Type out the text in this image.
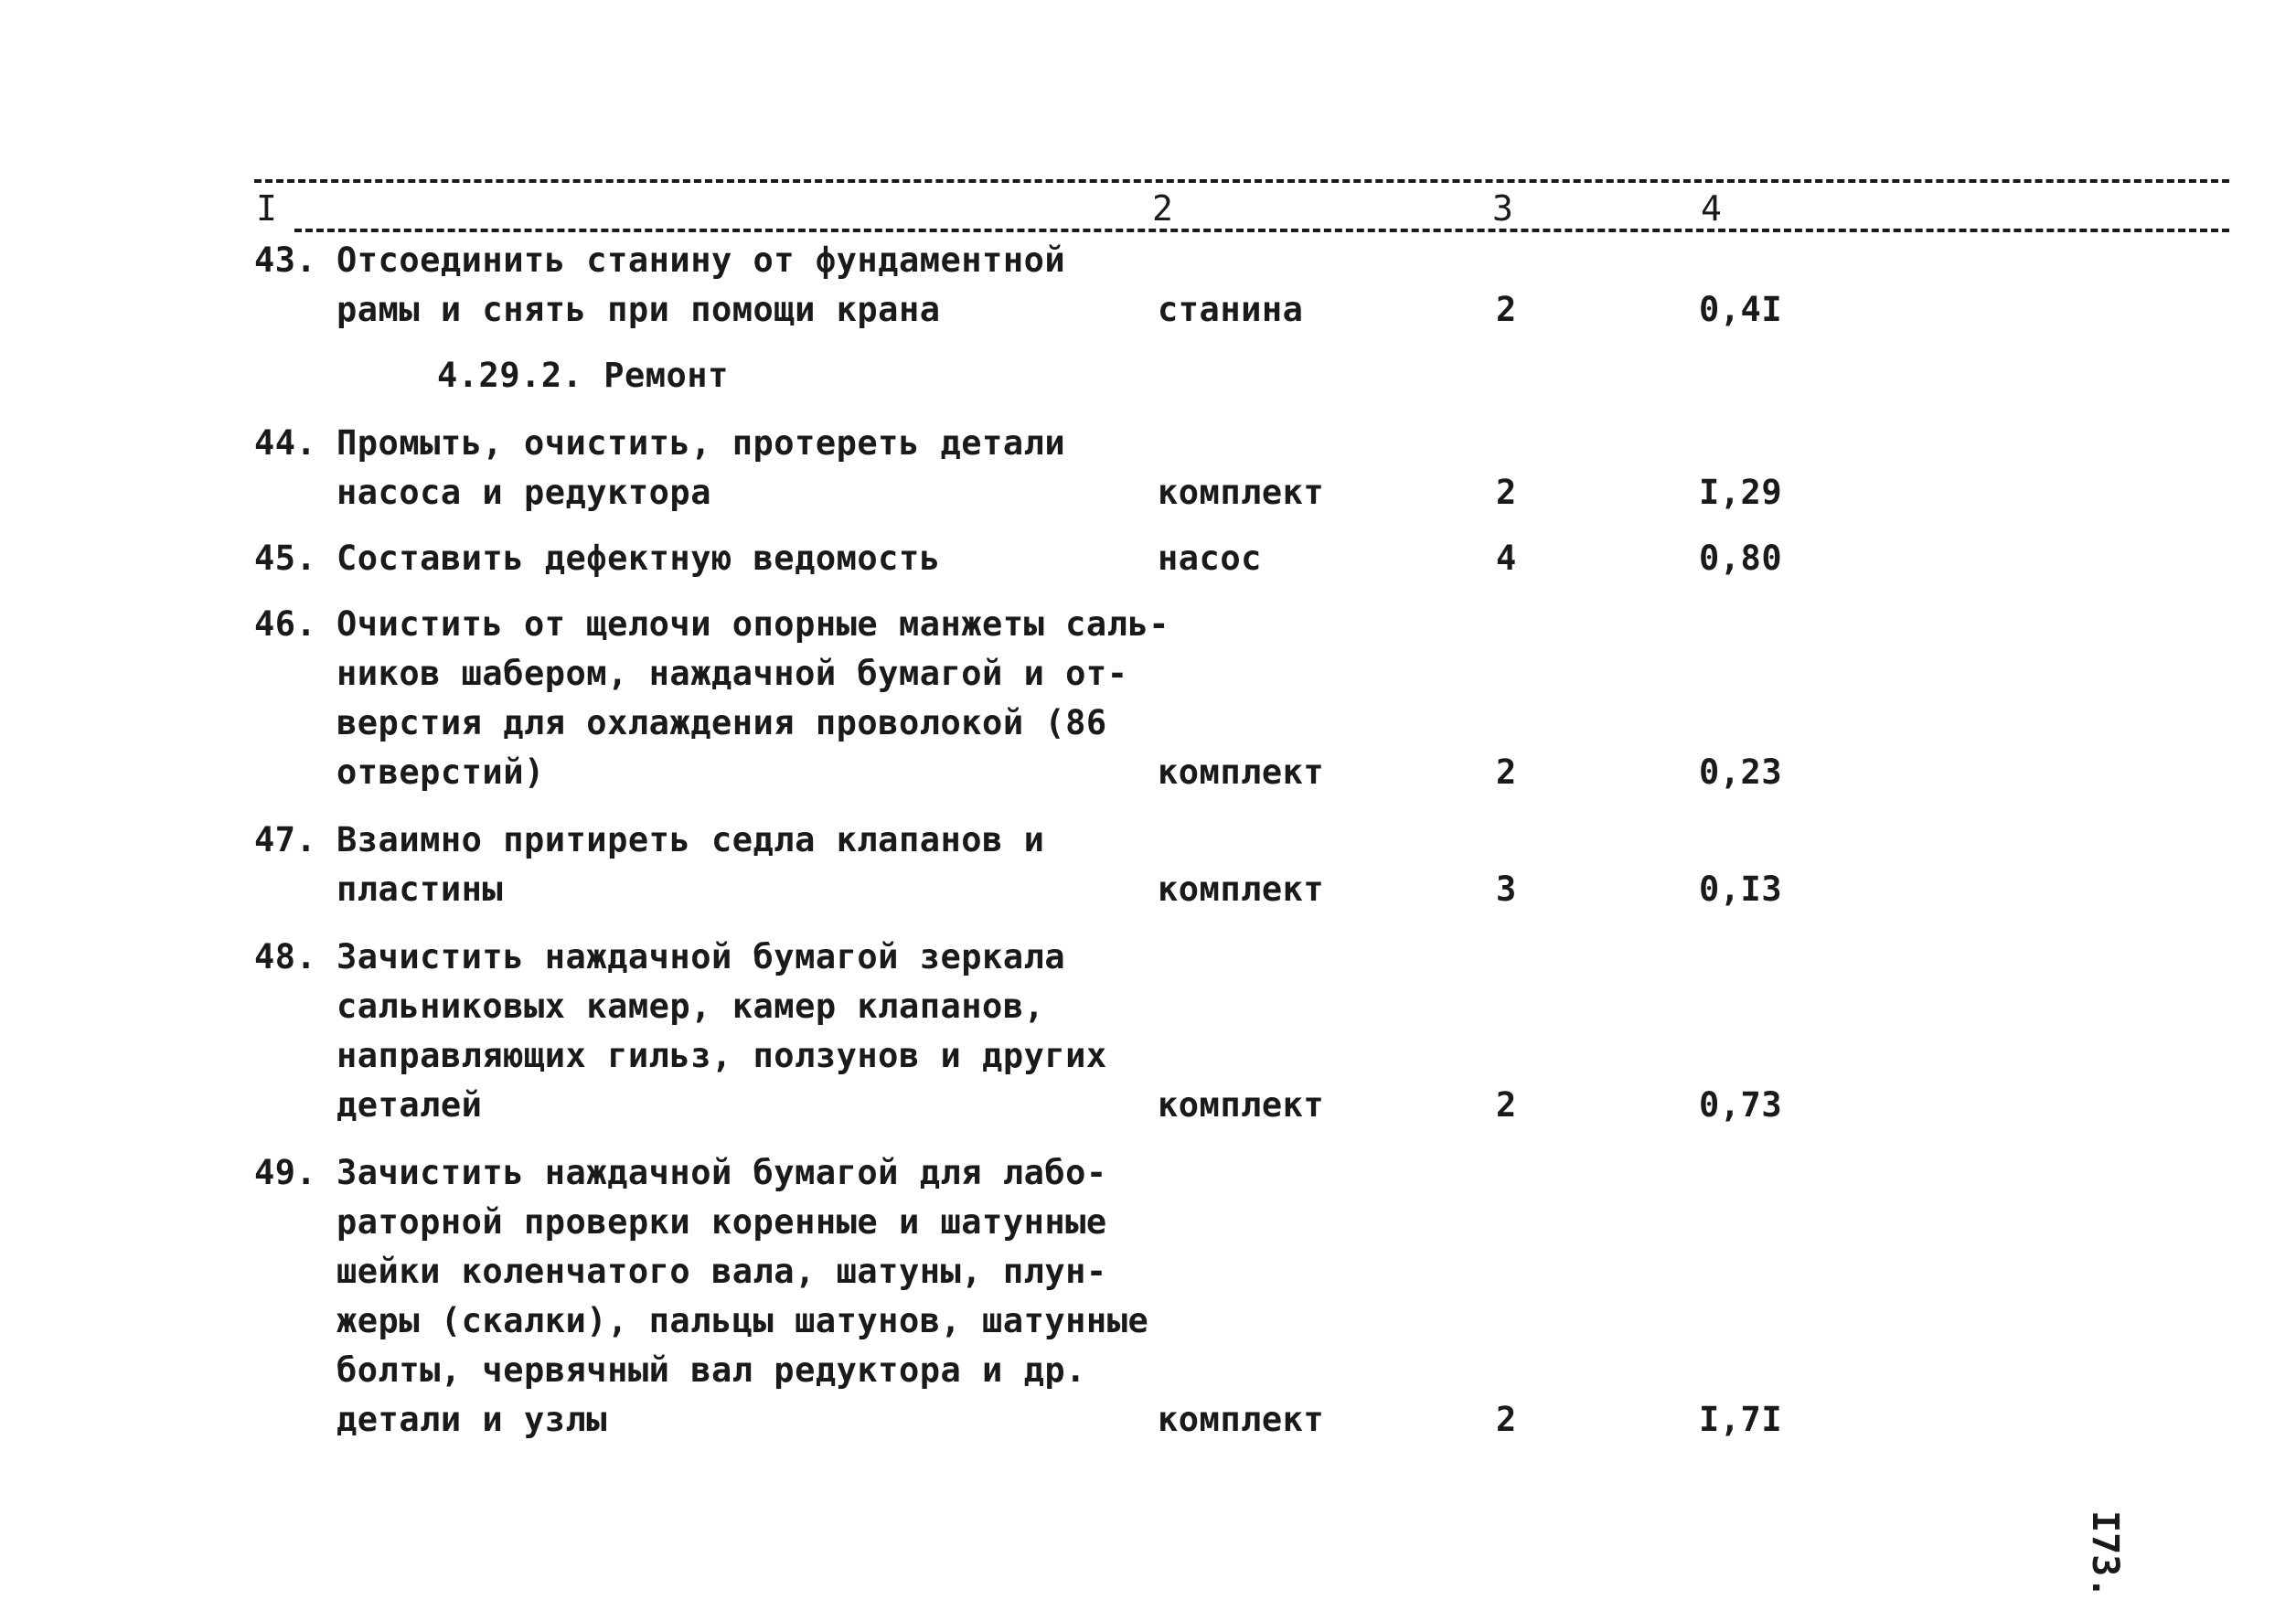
I	2	3	4
43. Отсоединить станину от фундаментной
рамы и снять при помощи крана	станина	2	0,4I
4.29.2. Ремонт
44. Промыть, очистить, протереть детали
насоса и редуктора	комплект	2	I,29
45. Составить дефектную ведомость	насос	4	0,80
46. Очистить от щелочи опорные манжеты саль-
ников шабером, наждачной бумагой и от-
верстия для охлаждения проволокой (86
отверстий)	комплект	2	0,23
47. Взаимно притиреть седла клапанов и
пластины	комплект	3	0,I3
48. Зачистить наждачной бумагой зеркала
сальниковых камер, камер клапанов,
направляющих гильз, ползунов и других
деталей	комплект	2	0,73
49. Зачистить наждачной бумагой для лабо-
раторной проверки коренные и шатунные
шейки коленчатого вала, шатуны, плун-
жеры (скалки), пальцы шатунов, шатунные
болты, червячный вал редуктора и др.
детали и узлы	комплект	2	I,7I
I73.
